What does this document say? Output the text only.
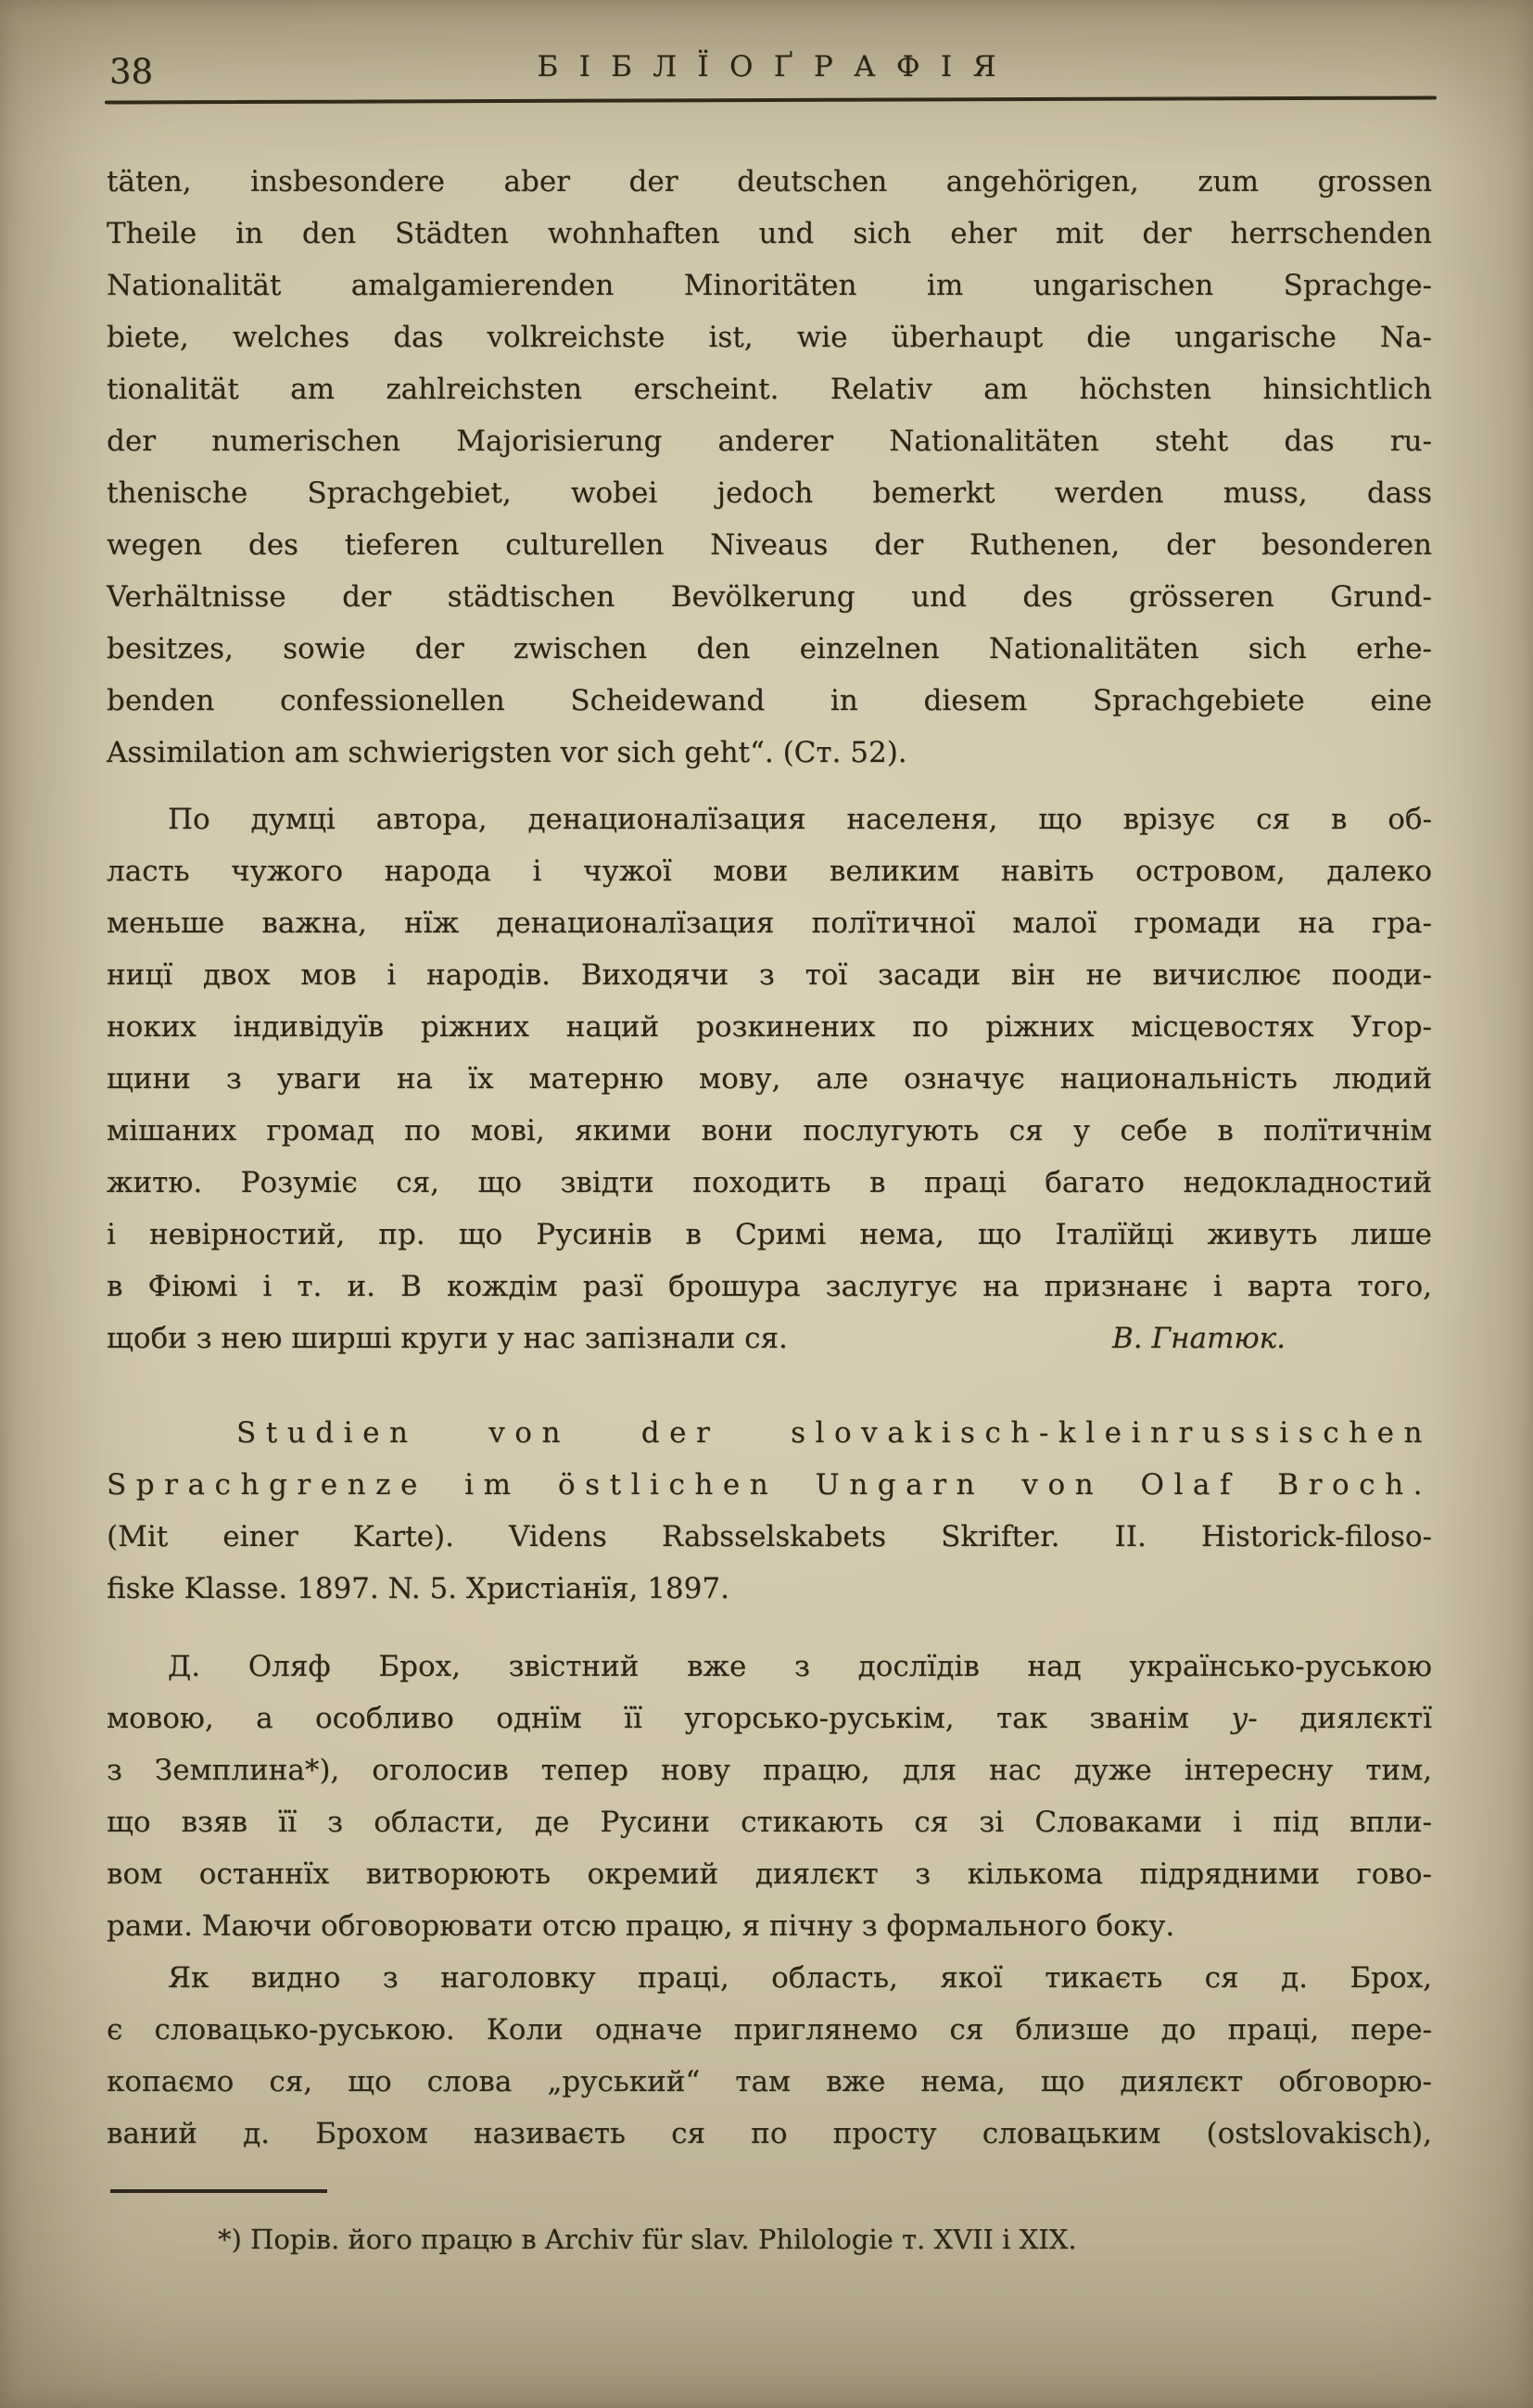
38	БІБЛЇОҐРАФІЯ
täten, insbesondere aber der deutschen angehörigen, zum grossen
Theile in den Städten wohnhaften und sich eher mit der herrschenden
Nationalität amalgamierenden Minoritäten im ungarischen Sprachge-
biete, welches das volkreichste ist, wie überhaupt die ungarische Na-
tionalität am zahlreichsten erscheint. Relativ am höchsten hinsichtlich
der numerischen Majorisierung anderer Nationalitäten steht das ru-
thenische Sprachgebiet, wobei jedoch bemerkt werden muss, dass
wegen des tieferen culturellen Niveaus der Ruthenen, der besonderen
Verhältnisse der städtischen Bevölkerung und des grösseren Grund-
besitzes, sowie der zwischen den einzelnen Nationalitäten sich erhe-
benden confessionellen Scheidewand in diesem Sprachgebiete eine
Assimilation am schwierigsten vor sich geht“. (Ст. 52).
По думці автора, денационалїзация населеня, що врізує ся в об-
ласть чужого народа і чужої мови великим навіть островом, далеко
меньше важна, нїж денационалїзация полїтичної малої громади на гра-
ницї двох мов і народів. Виходячи з тої засади він не вичислює пооди-
ноких індивідуїв ріжних наций розкинених по ріжних місцевостях Угор-
щини з уваги на їх матерню мову, але означує национальність людий
мішаних громад по мові, якими вони послугують ся у себе в полїтичнім
житю. Розуміє ся, що звідти походить в праці багато недокладностий
і невірностий, пр. що Русинів в Сримі нема, що Італїйці живуть лише
в Фіюмі і т. и. В кождім разї брошура заслугує на признанє і варта того,
щоби з нею ширші круги у нас запізнали ся.	В. Гнатюк.
Studien von der slovakisch-kleinrussischen
Sprachgrenze im östlichen Ungarn von Olaf Broch.
(Mit einer Karte). Videns Rabsselskabets Skrifter. II. Historick-filoso-
fiske Klasse. 1897. N. 5. Христіанїя, 1897.
Д. Оляф Брох, звістний вже з дослїдів над українсько-руською
мовою, а особливо однїм її угорсько-руськім, так званім у- диялєктї
з Земплина*), оголосив тепер нову працю, для нас дуже інтересну тим,
що взяв її з области, де Русини стикають ся зі Словаками і під впли-
вом останнїх витворюють окремий диялєкт з кількома підрядними гово-
рами. Маючи обговорювати отсю працю, я пічну з формального боку.
Як видно з наголовку праці, область, якої тикаєть ся д. Брох,
є словацько-руською. Коли одначе приглянемо ся близше до праці, пере-
копаємо ся, що слова „руський“ там вже нема, що диялєкт обговорю-
ваний д. Брохом називаєть ся по просту словацьким (ostslovakisch),
*) Порів. його працю в Archiv für slav. Philologie т. XVII і XIX.
